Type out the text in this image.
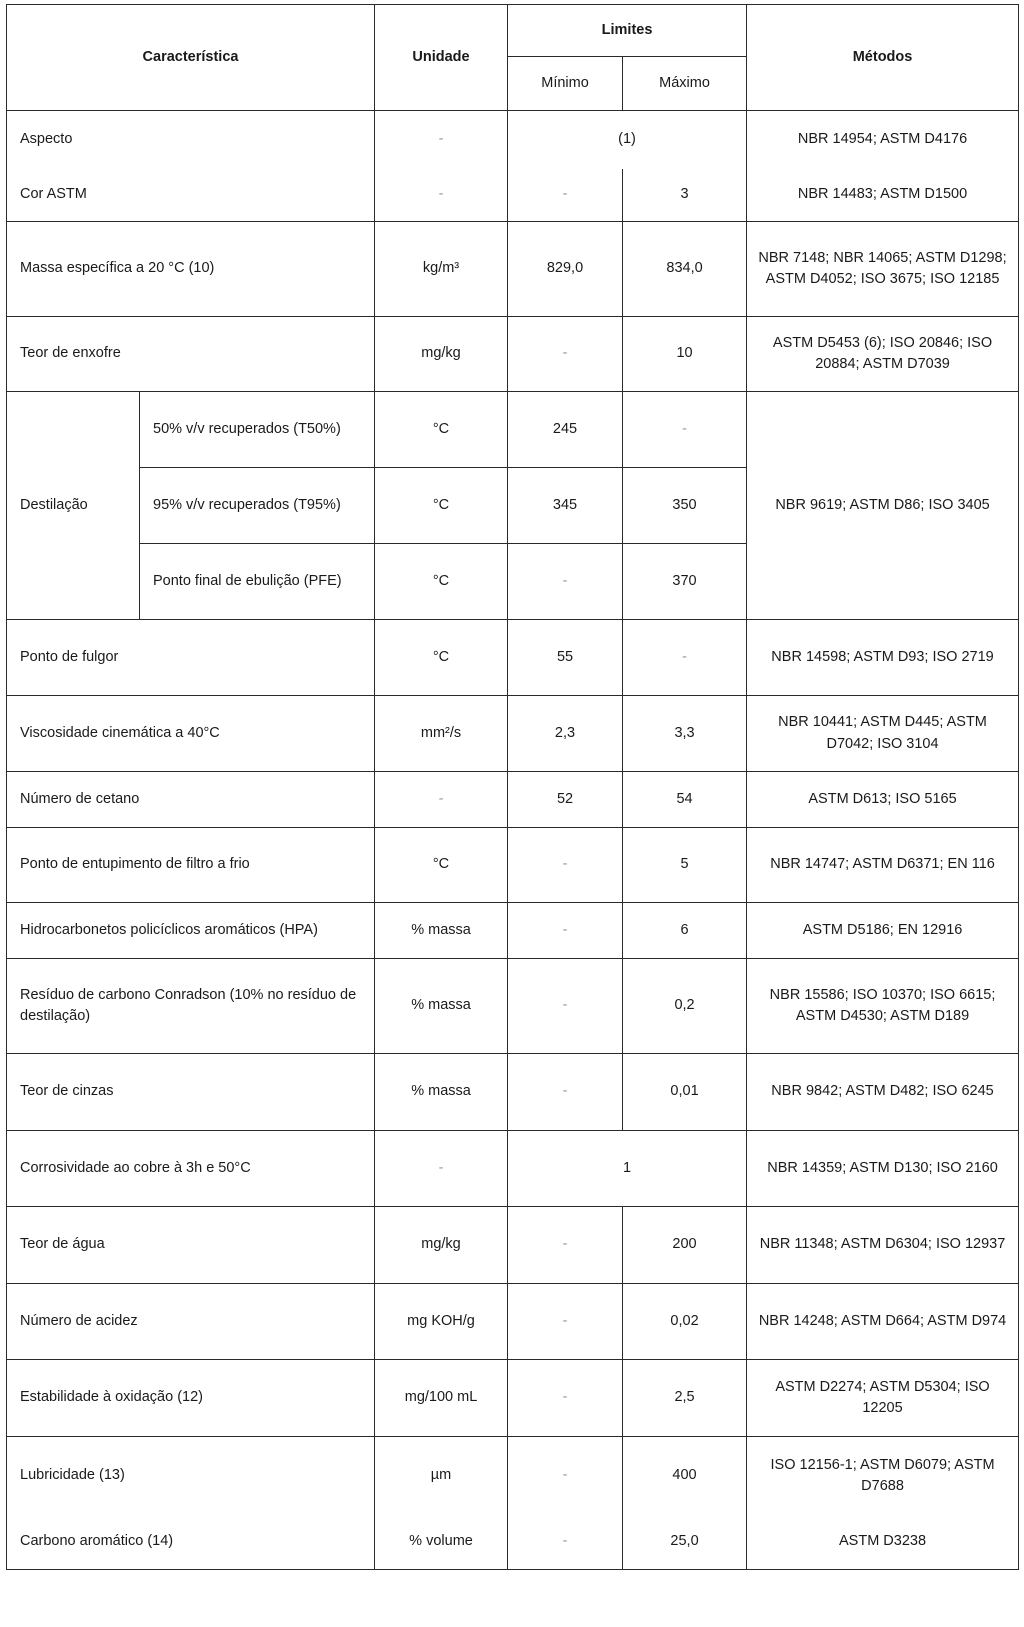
Característica		Unidade	Limites		Métodos
			Mínimo	Máximo	
Aspecto		-	(1)		NBR 14954; ASTM D4176
Cor ASTM		-	-	3	NBR 14483; ASTM D1500
Massa específica a 20 °C (10)		kg/m³	829,0	834,0	NBR 7148; NBR 14065; ASTM D1298; ASTM D4052; ISO 3675; ISO 12185
Teor de enxofre		mg/kg	-	10	ASTM D5453 (6); ISO 20846; ISO 20884; ASTM D7039
Destilação	50% v/v recuperados (T50%)	°C	245	-	NBR 9619; ASTM D86; ISO 3405
	95% v/v recuperados (T95%)	°C	345	350	
	Ponto final de ebulição (PFE)	°C	-	370	
Ponto de fulgor		°C	55	-	NBR 14598; ASTM D93; ISO 2719
Viscosidade cinemática a 40°C		mm²/s	2,3	3,3	NBR 10441; ASTM D445; ASTM D7042; ISO 3104
Número de cetano		-	52	54	ASTM D613; ISO 5165
Ponto de entupimento de filtro a frio		°C	-	5	NBR 14747; ASTM D6371; EN 116
Hidrocarbonetos policíclicos aromáticos (HPA)		% massa	-	6	ASTM D5186; EN 12916
Resíduo de carbono Conradson (10% no resíduo de destilação)		% massa	-	0,2	NBR 15586; ISO 10370; ISO 6615; ASTM D4530; ASTM D189
Teor de cinzas		% massa	-	0,01	NBR 9842; ASTM D482; ISO 6245
Corrosividade ao cobre à 3h e 50°C		-	1		NBR 14359; ASTM D130; ISO 2160
Teor de água		mg/kg	-	200	NBR 11348; ASTM D6304; ISO 12937
Número de acidez		mg KOH/g	-	0,02	NBR 14248; ASTM D664; ASTM D974
Estabilidade à oxidação (12)		mg/100 mL	-	2,5	ASTM D2274; ASTM D5304; ISO 12205
Lubricidade (13)		µm	-	400	ISO 12156-1; ASTM D6079; ASTM D7688
Carbono aromático (14)		% volume	-	25,0	ASTM D3238
